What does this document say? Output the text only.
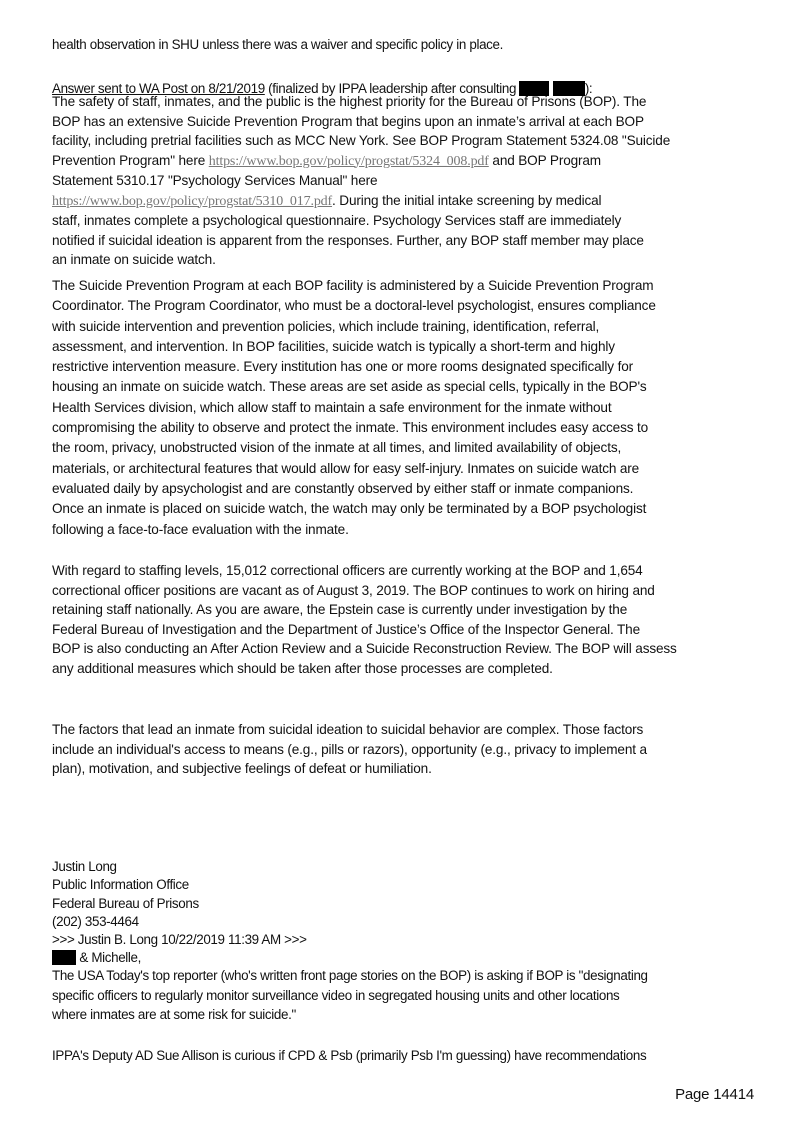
health observation in SHU unless there was a waiver and specific policy in place.
Answer sent to WA Post on 8/21/2019 (finalized by IPPA leadership after consulting	):
The safety of staff, inmates, and the public is the highest priority for the Bureau of Prisons (BOP). The
BOP has an extensive Suicide Prevention Program that begins upon an inmate’s arrival at each BOP
facility, including pretrial facilities such as MCC New York. See BOP Program Statement 5324.08 "Suicide
Prevention Program" here https://www.bop.gov/policy/progstat/5324_008.pdf and BOP Program
Statement 5310.17 "Psychology Services Manual" here
https://www.bop.gov/policy/progstat/5310_017.pdf. During the initial intake screening by medical
staff, inmates complete a psychological questionnaire. Psychology Services staff are immediately
notified if suicidal ideation is apparent from the responses. Further, any BOP staff member may place
an inmate on suicide watch.
The Suicide Prevention Program at each BOP facility is administered by a Suicide Prevention Program
Coordinator. The Program Coordinator, who must be a doctoral-level psychologist, ensures compliance
with suicide intervention and prevention policies, which include training, identification, referral,
assessment, and intervention. In BOP facilities, suicide watch is typically a short-term and highly
restrictive intervention measure. Every institution has one or more rooms designated specifically for
housing an inmate on suicide watch. These areas are set aside as special cells, typically in the BOP's
Health Services division, which allow staff to maintain a safe environment for the inmate without
compromising the ability to observe and protect the inmate. This environment includes easy access to
the room, privacy, unobstructed vision of the inmate at all times, and limited availability of objects,
materials, or architectural features that would allow for easy self-injury. Inmates on suicide watch are
evaluated daily by apsychologist and are constantly observed by either staff or inmate companions.
Once an inmate is placed on suicide watch, the watch may only be terminated by a BOP psychologist
following a face-to-face evaluation with the inmate.
With regard to staffing levels, 15,012 correctional officers are currently working at the BOP and 1,654
correctional officer positions are vacant as of August 3, 2019. The BOP continues to work on hiring and
retaining staff nationally. As you are aware, the Epstein case is currently under investigation by the
Federal Bureau of Investigation and the Department of Justice’s Office of the Inspector General. The
BOP is also conducting an After Action Review and a Suicide Reconstruction Review. The BOP will assess
any additional measures which should be taken after those processes are completed.
The factors that lead an inmate from suicidal ideation to suicidal behavior are complex. Those factors
include an individual's access to means (e.g., pills or razors), opportunity (e.g., privacy to implement a
plan), motivation, and subjective feelings of defeat or humiliation.
Justin Long
Public Information Office
Federal Bureau of Prisons
(202) 353-4464
>>> Justin B. Long 10/22/2019 11:39 AM >>>
& Michelle,
The USA Today's top reporter (who's written front page stories on the BOP) is asking if BOP is "designating
specific officers to regularly monitor surveillance video in segregated housing units and other locations
where inmates are at some risk for suicide."
IPPA's Deputy AD Sue Allison is curious if CPD & Psb (primarily Psb I'm guessing) have recommendations
Page 14414
